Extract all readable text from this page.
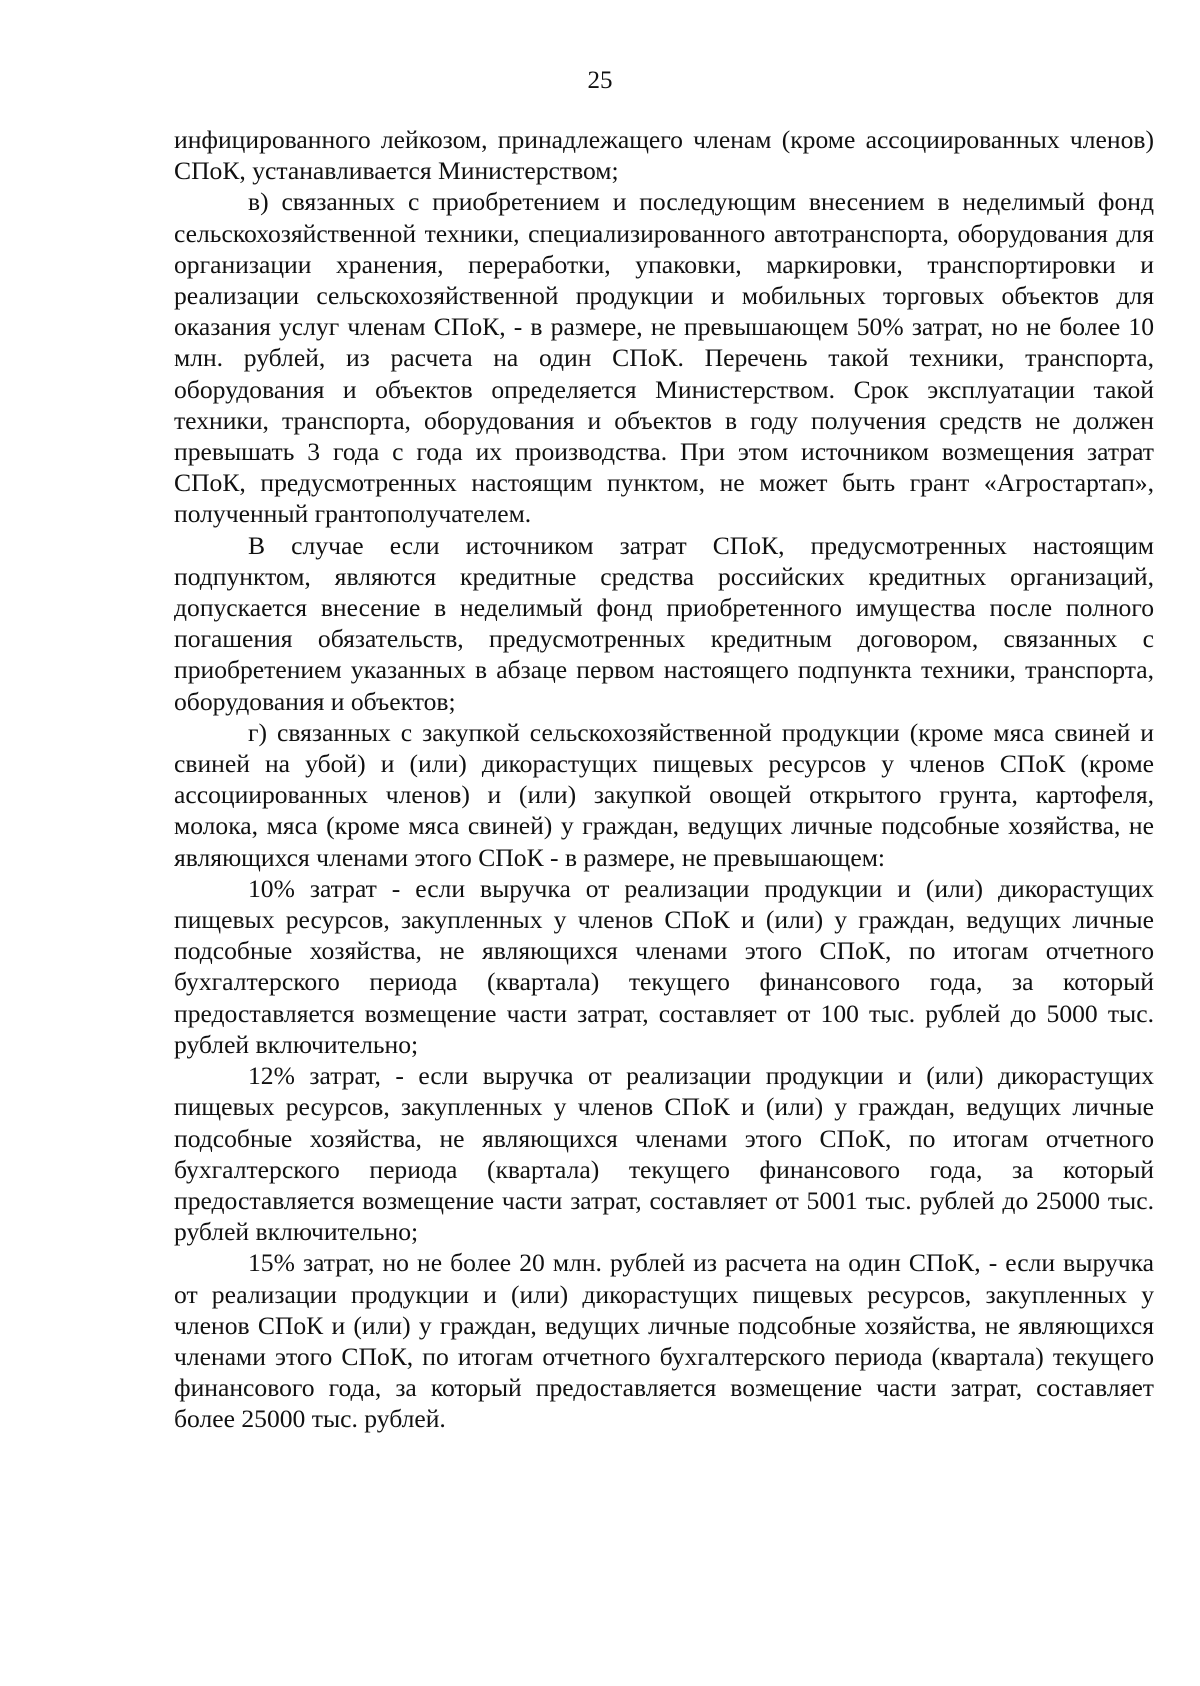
25

инфицированного лейкозом, принадлежащего членам (кроме ассоциированных членов) СПоК, устанавливается Министерством;

в) связанных с приобретением и последующим внесением в неделимый фонд сельскохозяйственной техники, специализированного автотранспорта, оборудования для организации хранения, переработки, упаковки, маркировки, транспортировки и реализации сельскохозяйственной продукции и мобильных торговых объектов для оказания услуг членам СПоК, - в размере, не превышающем 50% затрат, но не более 10 млн. рублей, из расчета на один СПоК. Перечень такой техники, транспорта, оборудования и объектов определяется Министерством. Срок эксплуатации такой техники, транспорта, оборудования и объектов в году получения средств не должен превышать 3 года с года их производства. При этом источником возмещения затрат СПоК, предусмотренных настоящим пунктом, не может быть грант «Агростартап», полученный грантополучателем.

В случае если источником затрат СПоК, предусмотренных настоящим подпунктом, являются кредитные средства российских кредитных организаций, допускается внесение в неделимый фонд приобретенного имущества после полного погашения обязательств, предусмотренных кредитным договором, связанных с приобретением указанных в абзаце первом настоящего подпункта техники, транспорта, оборудования и объектов;

г) связанных с закупкой сельскохозяйственной продукции (кроме мяса свиней и свиней на убой) и (или) дикорастущих пищевых ресурсов у членов СПоК (кроме ассоциированных членов) и (или) закупкой овощей открытого грунта, картофеля, молока, мяса (кроме мяса свиней) у граждан, ведущих личные подсобные хозяйства, не являющихся членами этого СПоК - в размере, не превышающем:

10% затрат - если выручка от реализации продукции и (или) дикорастущих пищевых ресурсов, закупленных у членов СПоК и (или) у граждан, ведущих личные подсобные хозяйства, не являющихся членами этого СПоК, по итогам отчетного бухгалтерского периода (квартала) текущего финансового года, за который предоставляется возмещение части затрат, составляет от 100 тыс. рублей до 5000 тыс. рублей включительно;

12% затрат, - если выручка от реализации продукции и (или) дикорастущих пищевых ресурсов, закупленных у членов СПоК и (или) у граждан, ведущих личные подсобные хозяйства, не являющихся членами этого СПоК, по итогам отчетного бухгалтерского периода (квартала) текущего финансового года, за который предоставляется возмещение части затрат, составляет от 5001 тыс. рублей до 25000 тыс. рублей включительно;

15% затрат, но не более 20 млн. рублей из расчета на один СПоК, - если выручка от реализации продукции и (или) дикорастущих пищевых ресурсов, закупленных у членов СПоК и (или) у граждан, ведущих личные подсобные хозяйства, не являющихся членами этого СПоК, по итогам отчетного бухгалтерского периода (квартала) текущего финансового года, за который предоставляется возмещение части затрат, составляет более 25000 тыс. рублей.
